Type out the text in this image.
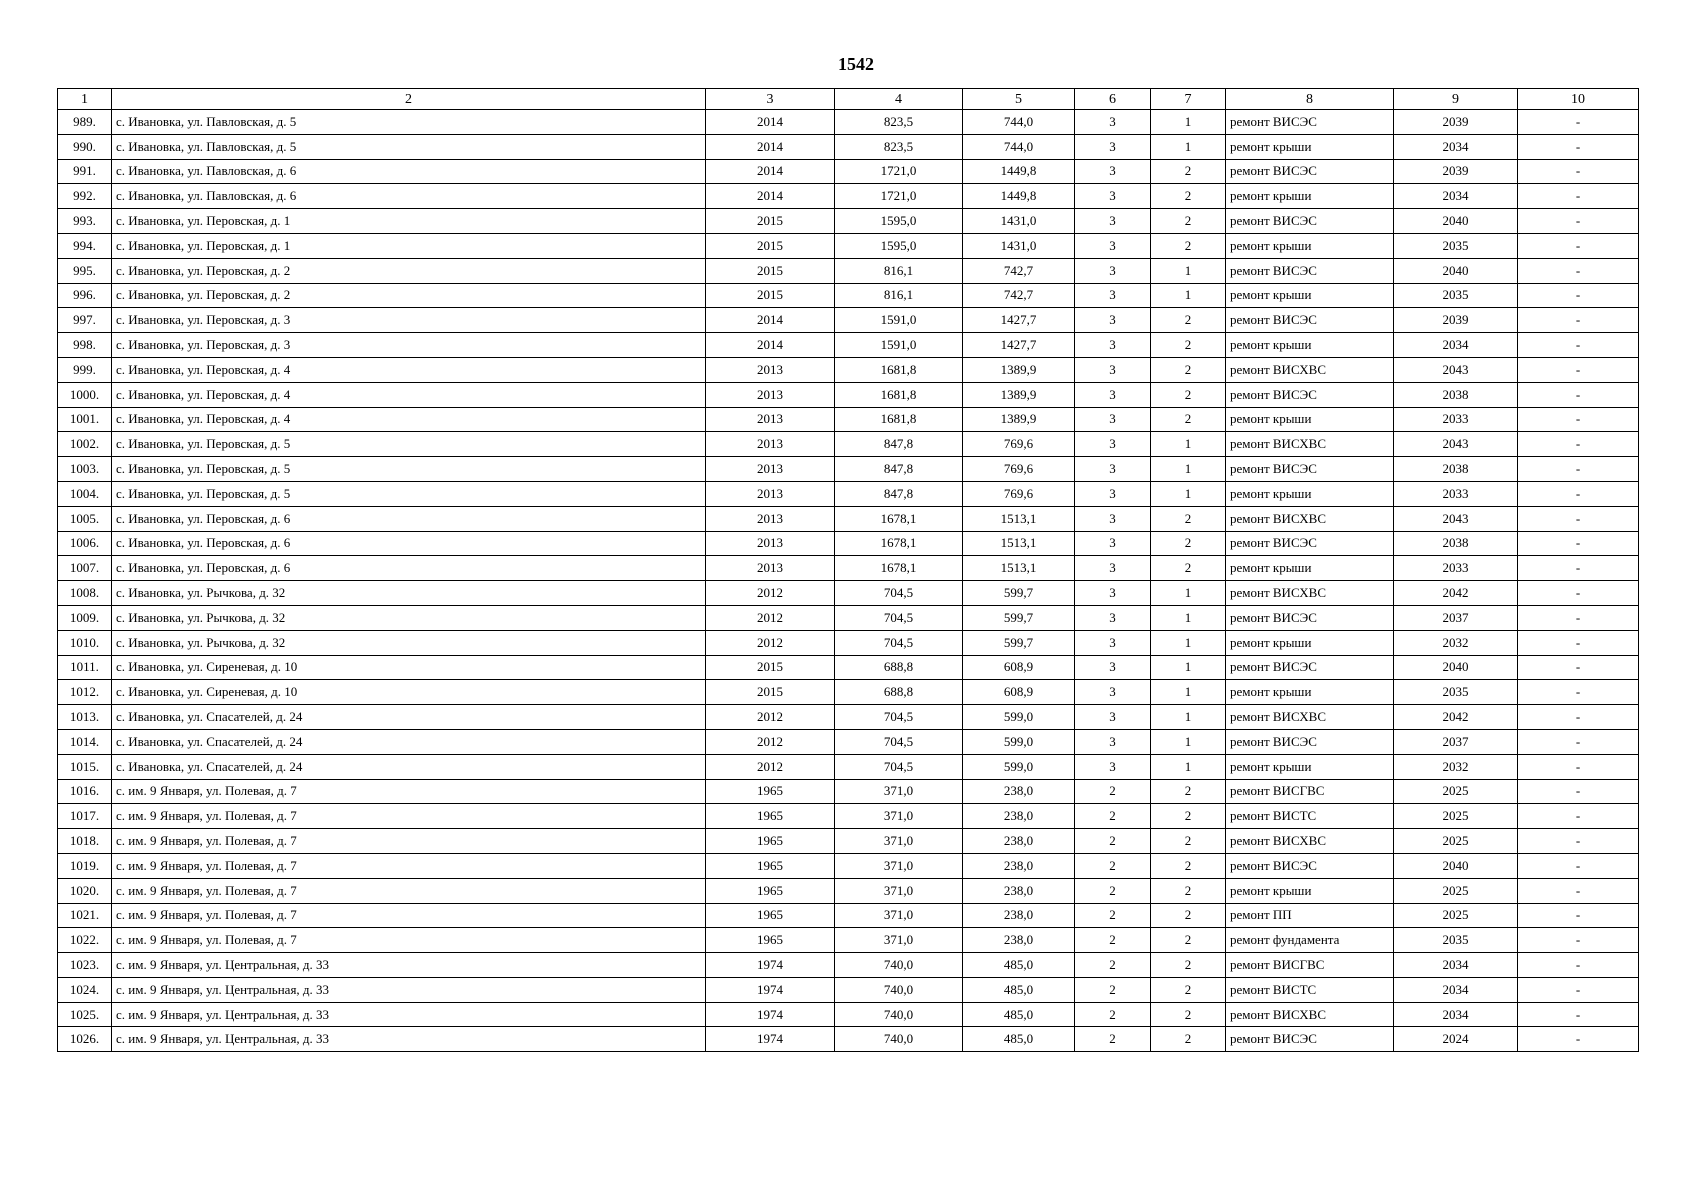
1542
1	2	3	4	5	6	7	8	9	10
989.	с. Ивановка, ул. Павловская, д. 5	2014	823,5	744,0	3	1	ремонт ВИСЭС	2039	-
990.	с. Ивановка, ул. Павловская, д. 5	2014	823,5	744,0	3	1	ремонт крыши	2034	-
991.	с. Ивановка, ул. Павловская, д. 6	2014	1721,0	1449,8	3	2	ремонт ВИСЭС	2039	-
992.	с. Ивановка, ул. Павловская, д. 6	2014	1721,0	1449,8	3	2	ремонт крыши	2034	-
993.	с. Ивановка, ул. Перовская, д. 1	2015	1595,0	1431,0	3	2	ремонт ВИСЭС	2040	-
994.	с. Ивановка, ул. Перовская, д. 1	2015	1595,0	1431,0	3	2	ремонт крыши	2035	-
995.	с. Ивановка, ул. Перовская, д. 2	2015	816,1	742,7	3	1	ремонт ВИСЭС	2040	-
996.	с. Ивановка, ул. Перовская, д. 2	2015	816,1	742,7	3	1	ремонт крыши	2035	-
997.	с. Ивановка, ул. Перовская, д. 3	2014	1591,0	1427,7	3	2	ремонт ВИСЭС	2039	-
998.	с. Ивановка, ул. Перовская, д. 3	2014	1591,0	1427,7	3	2	ремонт крыши	2034	-
999.	с. Ивановка, ул. Перовская, д. 4	2013	1681,8	1389,9	3	2	ремонт ВИСХВС	2043	-
1000.	с. Ивановка, ул. Перовская, д. 4	2013	1681,8	1389,9	3	2	ремонт ВИСЭС	2038	-
1001.	с. Ивановка, ул. Перовская, д. 4	2013	1681,8	1389,9	3	2	ремонт крыши	2033	-
1002.	с. Ивановка, ул. Перовская, д. 5	2013	847,8	769,6	3	1	ремонт ВИСХВС	2043	-
1003.	с. Ивановка, ул. Перовская, д. 5	2013	847,8	769,6	3	1	ремонт ВИСЭС	2038	-
1004.	с. Ивановка, ул. Перовская, д. 5	2013	847,8	769,6	3	1	ремонт крыши	2033	-
1005.	с. Ивановка, ул. Перовская, д. 6	2013	1678,1	1513,1	3	2	ремонт ВИСХВС	2043	-
1006.	с. Ивановка, ул. Перовская, д. 6	2013	1678,1	1513,1	3	2	ремонт ВИСЭС	2038	-
1007.	с. Ивановка, ул. Перовская, д. 6	2013	1678,1	1513,1	3	2	ремонт крыши	2033	-
1008.	с. Ивановка, ул. Рычкова, д. 32	2012	704,5	599,7	3	1	ремонт ВИСХВС	2042	-
1009.	с. Ивановка, ул. Рычкова, д. 32	2012	704,5	599,7	3	1	ремонт ВИСЭС	2037	-
1010.	с. Ивановка, ул. Рычкова, д. 32	2012	704,5	599,7	3	1	ремонт крыши	2032	-
1011.	с. Ивановка, ул. Сиреневая, д. 10	2015	688,8	608,9	3	1	ремонт ВИСЭС	2040	-
1012.	с. Ивановка, ул. Сиреневая, д. 10	2015	688,8	608,9	3	1	ремонт крыши	2035	-
1013.	с. Ивановка, ул. Спасателей, д. 24	2012	704,5	599,0	3	1	ремонт ВИСХВС	2042	-
1014.	с. Ивановка, ул. Спасателей, д. 24	2012	704,5	599,0	3	1	ремонт ВИСЭС	2037	-
1015.	с. Ивановка, ул. Спасателей, д. 24	2012	704,5	599,0	3	1	ремонт крыши	2032	-
1016.	с. им. 9 Января, ул. Полевая, д. 7	1965	371,0	238,0	2	2	ремонт ВИСГВС	2025	-
1017.	с. им. 9 Января, ул. Полевая, д. 7	1965	371,0	238,0	2	2	ремонт ВИСТС	2025	-
1018.	с. им. 9 Января, ул. Полевая, д. 7	1965	371,0	238,0	2	2	ремонт ВИСХВС	2025	-
1019.	с. им. 9 Января, ул. Полевая, д. 7	1965	371,0	238,0	2	2	ремонт ВИСЭС	2040	-
1020.	с. им. 9 Января, ул. Полевая, д. 7	1965	371,0	238,0	2	2	ремонт крыши	2025	-
1021.	с. им. 9 Января, ул. Полевая, д. 7	1965	371,0	238,0	2	2	ремонт ПП	2025	-
1022.	с. им. 9 Января, ул. Полевая, д. 7	1965	371,0	238,0	2	2	ремонт фундамента	2035	-
1023.	с. им. 9 Января, ул. Центральная, д. 33	1974	740,0	485,0	2	2	ремонт ВИСГВС	2034	-
1024.	с. им. 9 Января, ул. Центральная, д. 33	1974	740,0	485,0	2	2	ремонт ВИСТС	2034	-
1025.	с. им. 9 Января, ул. Центральная, д. 33	1974	740,0	485,0	2	2	ремонт ВИСХВС	2034	-
1026.	с. им. 9 Января, ул. Центральная, д. 33	1974	740,0	485,0	2	2	ремонт ВИСЭС	2024	-
